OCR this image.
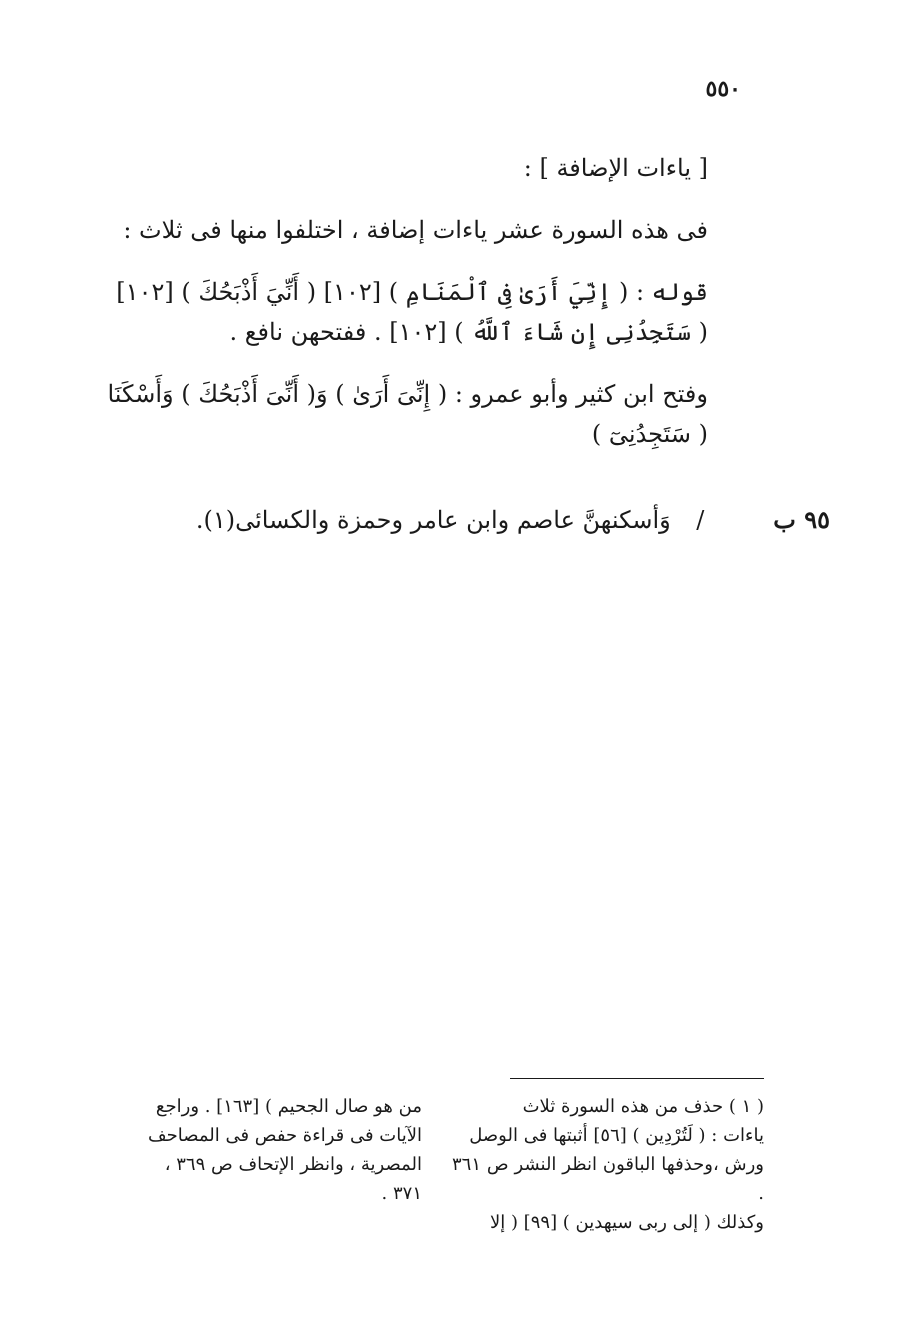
٥٥٠
[ ياءات الإضافة ] :
فى هذه السورة عشر ياءات إضافة ، اختلفوا منها فى ثلاث :
قوله : ( إِنِّيَ أَرَىٰ فِى ٱلْمَنَامِ ) [١٠٢] ( أَنِّيَ أَذْبَحُكَ ) [١٠٢]
( سَتَجِدُنِى إِن شَاءَ ٱللَّهُ ) [١٠٢] . ففتحهن نافع .
وفتح ابن كثير وأبو عمرو : ( إِنِّىَ أَرَىٰ ) وَ( أَنِّىَ أَذْبَحُكَ ) وَأَسْكَنَا
( سَتَجِدُنِىٓ )
٩٥ ب / وَأسكنهنَّ عاصم وابن عامر وحمزة والكسائى(١).

( ١ ) حذف من هذه السورة ثلاث

ياءات : ( لَتُرْدِين ) [٥٦] أثبتها فى الوصل

ورش ،وحذفها الباقون انظر النشر ص ٣٦١ .

وكذلك ( إلى ربى سيهدين ) [٩٩] ( إلا

من هو صال الجحيم ) [١٦٣] . وراجع

الآيات فى قراءة حفص فى المصاحف

المصرية ، وانظر الإتحاف ص ٣٦٩ ،

٣٧١ .
